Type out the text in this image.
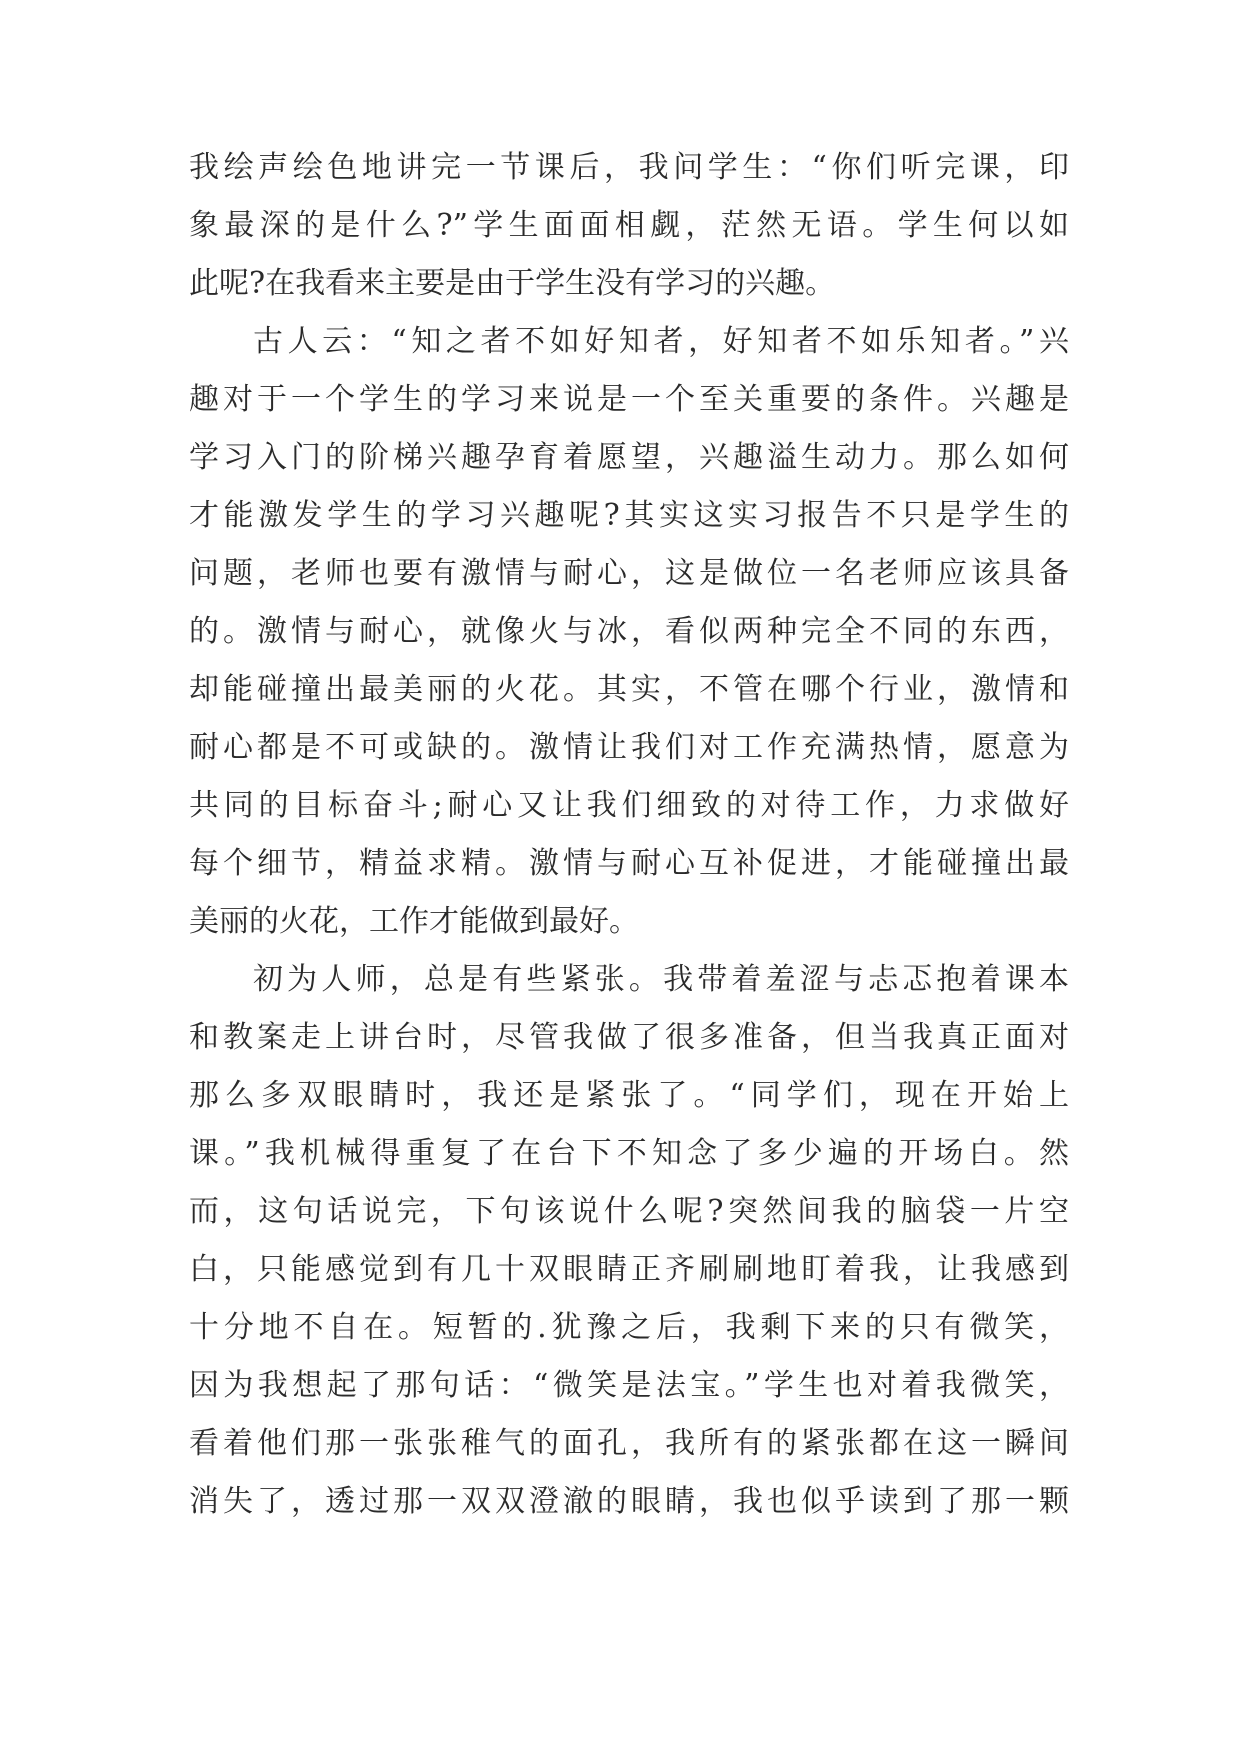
我绘声绘色地讲完一节课后，我问学生：“你们听完课，印
象最深的是什么?”学生面面相觑，茫然无语。学生何以如
此呢?在我看来主要是由于学生没有学习的兴趣。
古人云：“知之者不如好知者，好知者不如乐知者。”兴
趣对于一个学生的学习来说是一个至关重要的条件。兴趣是
学习入门的阶梯兴趣孕育着愿望，兴趣溢生动力。那么如何
才能激发学生的学习兴趣呢?其实这实习报告不只是学生的
问题，老师也要有激情与耐心，这是做位一名老师应该具备
的。激情与耐心，就像火与冰，看似两种完全不同的东西，
却能碰撞出最美丽的火花。其实，不管在哪个行业，激情和
耐心都是不可或缺的。激情让我们对工作充满热情，愿意为
共同的目标奋斗;耐心又让我们细致的对待工作，力求做好
每个细节，精益求精。激情与耐心互补促进，才能碰撞出最
美丽的火花，工作才能做到最好。
初为人师，总是有些紧张。我带着羞涩与忐忑抱着课本
和教案走上讲台时，尽管我做了很多准备，但当我真正面对
那么多双眼睛时，我还是紧张了。“同学们，现在开始上
课。”我机械得重复了在台下不知念了多少遍的开场白。然
而，这句话说完，下句该说什么呢?突然间我的脑袋一片空
白，只能感觉到有几十双眼睛正齐刷刷地盯着我，让我感到
十分地不自在。短暂的.犹豫之后，我剩下来的只有微笑，
因为我想起了那句话：“微笑是法宝。”学生也对着我微笑，
看着他们那一张张稚气的面孔，我所有的紧张都在这一瞬间
消失了，透过那一双双澄澈的眼睛，我也似乎读到了那一颗
